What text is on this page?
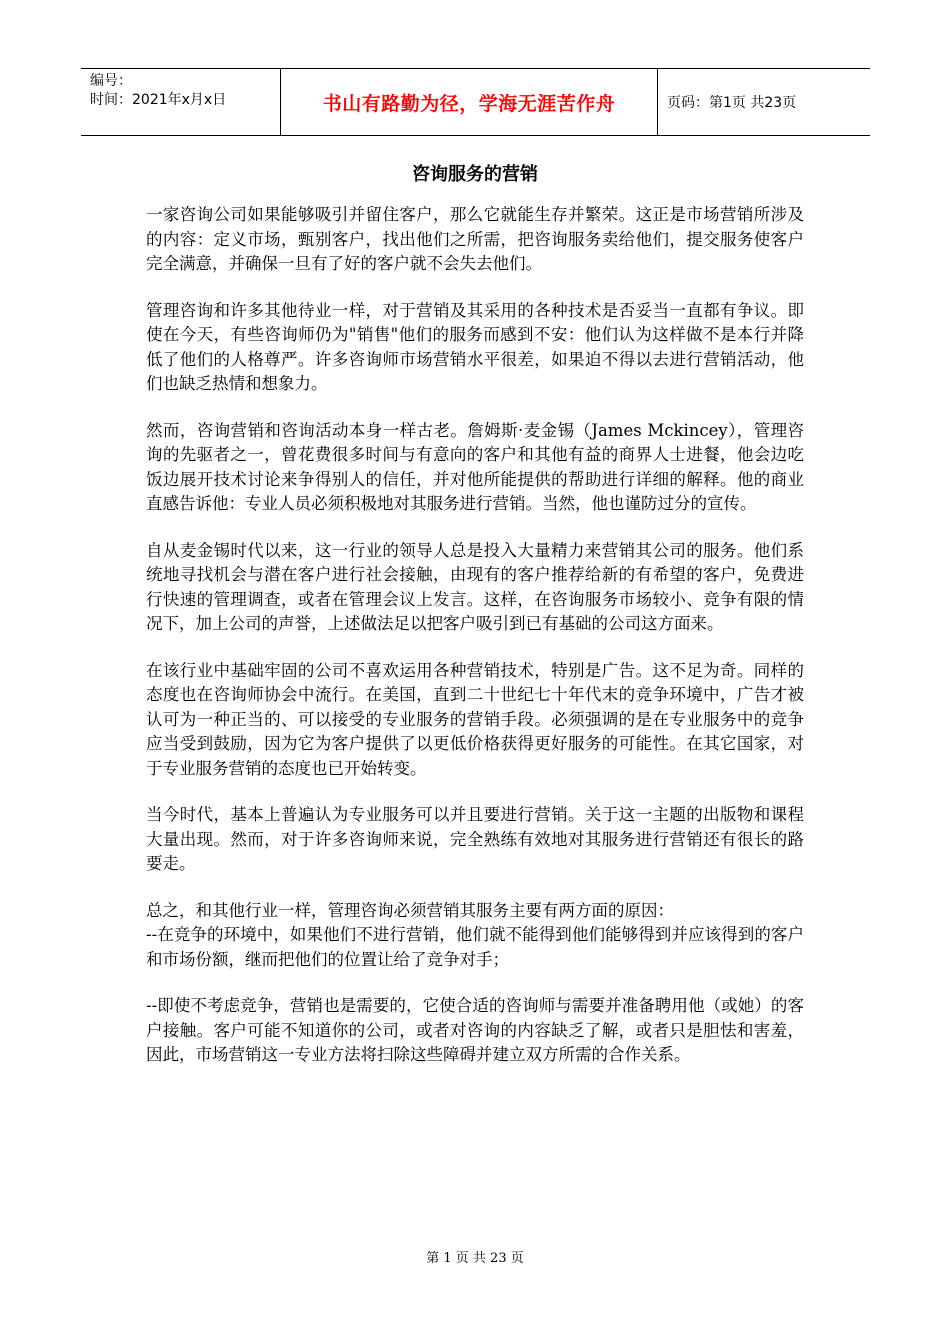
编号：
时间：2021年x月x日	书山有路勤为径，学海无涯苦作舟	页码：第1页 共23页
咨询服务的营销

一家咨询公司如果能够吸引并留住客户，那么它就能生存并繁荣。这正是市场营销所涉及的内容：定义市场，甄别客户，找出他们之所需，把咨询服务卖给他们，提交服务使客户完全满意，并确保一旦有了好的客户就不会失去他们。

管理咨询和许多其他待业一样，对于营销及其采用的各种技术是否妥当一直都有争议。即使在今天，有些咨询师仍为"销售"他们的服务而感到不安：他们认为这样做不是本行并降低了他们的人格尊严。许多咨询师市场营销水平很差，如果迫不得以去进行营销活动，他们也缺乏热情和想象力。

然而，咨询营销和咨询活动本身一样古老。詹姆斯·麦金锡（James Mckincey），管理咨询的先驱者之一，曾花费很多时间与有意向的客户和其他有益的商界人士进餐，他会边吃饭边展开技术讨论来争得别人的信任，并对他所能提供的帮助进行详细的解释。他的商业直感告诉他：专业人员必须积极地对其服务进行营销。当然，他也谨防过分的宣传。

自从麦金锡时代以来，这一行业的领导人总是投入大量精力来营销其公司的服务。他们系统地寻找机会与潜在客户进行社会接触，由现有的客户推荐给新的有希望的客户，免费进行快速的管理调查，或者在管理会议上发言。这样，在咨询服务市场较小、竞争有限的情况下，加上公司的声誉，上述做法足以把客户吸引到已有基础的公司这方面来。

在该行业中基础牢固的公司不喜欢运用各种营销技术，特别是广告。这不足为奇。同样的态度也在咨询师协会中流行。在美国，直到二十世纪七十年代末的竞争环境中，广告才被认可为一种正当的、可以接受的专业服务的营销手段。必须强调的是在专业服务中的竞争应当受到鼓励，因为它为客户提供了以更低价格获得更好服务的可能性。在其它国家，对于专业服务营销的态度也已开始转变。

当今时代，基本上普遍认为专业服务可以并且要进行营销。关于这一主题的出版物和课程大量出现。然而，对于许多咨询师来说，完全熟练有效地对其服务进行营销还有很长的路要走。

总之，和其他行业一样，管理咨询必须营销其服务主要有两方面的原因：

--在竞争的环境中，如果他们不进行营销，他们就不能得到他们能够得到并应该得到的客户和市场份额，继而把他们的位置让给了竞争对手；

--即使不考虑竞争，营销也是需要的，它使合适的咨询师与需要并准备聘用他（或她）的客户接触。客户可能不知道你的公司，或者对咨询的内容缺乏了解，或者只是胆怯和害羞，因此，市场营销这一专业方法将扫除这些障碍并建立双方所需的合作关系。

第 1 页 共 23 页
